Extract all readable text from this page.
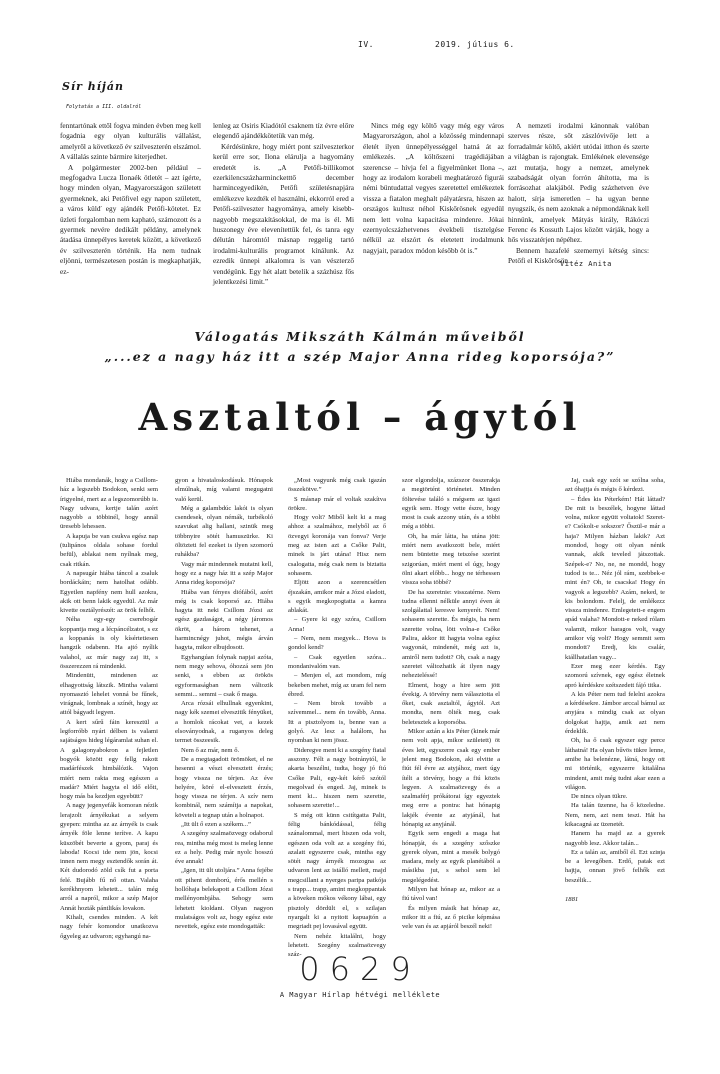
IV.	2019. július 6.
Sír híján
Folytatás a III. oldalról

fenntartónak ettől fogva minden évben meg kell fogadnia egy olyan kulturális vállalást, amelyről a következő év szilveszterén elszámol. A vállalás szinte bármire kiterjedhet.

A polgármester 2002-ben például – megfogadva Lucza Ilonaék ötletét – azt ígérte, hogy minden olyan, Magyarországon született gyermeknek, aki Petőfivel egy napon született, a város külď egy ajándék Petőfi-kötetet. Ez üzleti forgalomban nem kapható, számozott és a gyermek nevére dedikált példány, amelynek átadása ünnepélyes keretek között, a következő év szilveszterén történik. Ha nem tudnak eljönni, természetesen postán is megkaphatják, ez-

lenleg az Osiris Kiadótól csaknem tíz évre előre elegendő ajándékkötetük van még.

Kérdésünkre, hogy miért pont szilveszterkor kerül erre sor, Ilona elárulja a hagyomány eredetét is. „A Petőfi-billikomot ezerkilencszázharmincketttő december harmincegyedikén, Petőfi születésnapjára emlékezve kezdték el használni, ekkorról ered a Petőfi-szilveszter hagyománya, amely kisebb-nagyobb megszakításokkal, de ma is él. Mi huszonegy éve elevenítettük fel, és tanra egy délután háromtól másnap reggelig tartó irodalmi-kulturális programot kínálunk. Az ezredik ünnepi alkalomra is van vészterző vendégünk. Egy hét alatt betelik a százhúsz fős jelentkezési limit.”

Nincs még egy költő vagy még egy város Magyarországon, ahol a közösség mindennapi életét ilyen ünnepélyességgel hatná át az emlékezés. „A költőszeni tragédiájában szerencse – hívja fel a figyelmünket Ilona –, hogy az irodalom korabeli meghatározó figurái némi büntudattal vegyes szeretettel emlékeztek vissza a fiatalon meghalt pályatársra, hiszen az országos kultusz néhol Kiskőrösnek egyedül nem lett volna kapacitása mindenre. Jókai ezernyolcszázhetvenes évekbeli tisztelgése nélkül az elszórt és eletetett irodalmunk nagyjait, paradox módon később öt is.”

A nemzeti irodalmi kánonnak valóban szerves része, sőt zászlóvivője lett a forradalmár költő, akiért utódai itthon és szerte a világban is rajongtak. Emlékének elevensége azt mutatja, hogy a nemzet, amelynek szabadságát olyan forrón áhította, ma is forrásozhat alakjából. Pedig százhetven éve halott, sírja ismeretlen – ha ugyan benne nyugszik, és nem azoknak a népmondáknak kell hinnünk, amelyek Mátyás király, Rákóczi Ferenc és Kossuth Lajos között várják, hogy a hős visszatérjen népéhez.

Bennem hazafelé szemernyi kétség sincs: Petőfi el Kiskőrösön.

Vitéz Anita
Válogatás Mikszáth Kálmán műveiből
„...ez a nagy ház itt a szép Major Anna rideg koporsója?”
Asztaltól – ágytól

Hiába mondanák, hogy a Csillom-ház a legszebb Bodokon, senki sem írigyelné, mert az a legszomorúbb is. Nagy udvara, kertje talán azért nagyobb a többinél, hogy annál üresebb lehessen.

A kapuja be van csukva egész nap (tulipános oldala sohase fordul befül), ablakai nem nyílnak meg, csak ritkán.

A napsugár hiába táncol a zsaluk bordáckáin; nem hatolhat odább. Egyetlen napfény nem hull azokra, akik ott benn lakik egyedül. Az már kivette osztályrészét: az örök felhőt.

Néha egy-egy cserebogár koppantja meg a lécpáncélzatot, s ez a koppanás is oly kísértetiesen hangzik odabenn. Ha ajtó nyílik valahol, az már nagy zaj itt, s összerezzen rá mindenki.

Mindenütt, mindenen az elhagyottság látszik. Minthа valami nyomasztó lehelet vonná be fűnek, virágnak, lombnak a színét, hogy az attól bágyadt legyen.

A kert sűrű fáin keresztül a legforróbb nyári délben is valami sajátságos hideg légáramlat suhan el. A galagonyabokron a fejletlen bogyók között egy fellg rakott madárfészek himbálózik. Vajon miért nem rakta meg egészen a madár? Miért hagyta el idő előtt, hogy más ba kezdjen egyebütt?

A nagy jegenyefák komoran nézik lerajzolt árnyékukat a selyem gyepen: mintha az az árnyék is csak árnyék föle lenne terítve. A kapu küszöbét beverte a gyom, paraj és laboda! Kocsi ide nem jön, kocsi innen nem megy esztendők során át. Két dudorodó zöld csík fut a porta felé. Bujább fű nő ottan. Valaha kerékhnyom lehetett... talán még arról a napról, mikor a szép Major Annát hozták pántlikás lovakon.

Kihalt, csendes minden. A két nagy fehér komondor unatkozva őgyeleg az udvaron; egyhangú na-

gyon a hivataloskodásuk. Hónapok elmúlnak, míg valami megugatni való kerül.

Még a galambdúc lakói is olyan csendesek, olyan némák, turbékoló szavukat alig hallani, szinük meg többnyire sötét hamuszürke. Ki öltözteti fel ezeket is ilyen szomorú ruhákba?

Vagy már mindennek mutatni kell, hogy ez a nagy ház itt a szép Major Anna rideg koporsója?

Hiába van fényes diófából, azért még is csak koporsó az. Hiába hagyta itt neki Csillom Józsi az egész gazdaságot, a négy járomos ökröt, a három tehenet, a harmincnégy juhot, mégis árván hagyta, mikor elbujdosott.

Egyhangúan folynak napjai azóta, nem megy sehova, óhozzá sem jön senki, s ebben az örökös egyformaságban nem változik semmi... semmi – csak ő maga.

Arca rózsái elhullnak egyenkint, nagy kék szemei elveszitik fényüket, a homlok rácokat vet, a kezek elsoványodnak, a ruganyos deleg termet összeesik.

Nem ő az már, nem ő.

De a megtagadott örömöket, el ne hesenni a vészt elvesztett érzés; hogy vissza ne térjen. Az éve helyére, köré el-elvesztett érzés, hogy vissza ne térjen. A szív nem kombinál, nem számítja a napokat, követeli a tegnap után a holnapot.

„Itt ült ő ezen a székem...”

A szegény szalmaözvegy odaborul rea, mintha még most is meleg lenne ez a hely. Pedig már nyolc hosszú éve annak!

„Igen, itt ült utoljára.” Anna fejébe ott pihent domború, érős mellén s hollóhaja belekapott a Csillom Józsi mellényombjába. Sehogy sem lehetett kioldani. Olyan nagyon mulatságos volt az, hogy egész este nevettek, egész este mondogatták:

„Most vagyunk még csak igazán összekötve.”

S másnap már el voltak szakítva örökre.

Hogy volt? Miből kelt ki a mag ahhoz a szalmához, melyből az ő özvegyi koronája van fonva? Verje meg az isten azt a Csőke Palit, minek is járt utána! Hisz nem csalogatta, még csak nem is biztatta sohasem.

Eljött azon a szerencsétlen éjszakán, amikor már a Józsi eladott, s egyik megkopogtatta a kamra ablakát.

– Gyere ki egy szóra, Csillom Anna!

– Nem, nem megyek... Hova is gondol kend?

– Csak egyetlen szóra... mondanivalóm van.

– Menjen el, azt mondom, míg bekeben mehet, míg az uram fel nem ébred.

– Nem birok tovább a szívemmel... nem én tovább, Anna. Itt a pisztolyom is, benne van a golyó. Az lesz a halálom, ha nyomban ki nem jössz.

Dideregve ment ki a szegény fiatal asszony. Félt a nagy botránytól, le akarta beszélni, tudta, hogy jó fiú Csőke Pali, egy-két kérő szótól megolvad és enged. Jaj, minek is ment ki... hiszen nem szerette, sohasem szerette!...

S még ott künn csitítgatta Palit, félig bánkódással, félig szánalommal, mert hiszen oda volt, egészen oda volt az a szegény fiú, azalatt egyszerre csak, mintha egy sötét nagy árnyék mozogna az udvaron lent az istálló mellett, majd megcsillant a nyerges paripa patkója s trapp... trapp, amint megkoppantak a köveken mókos vékony lábai, egy pisztoly dördült el, s szilajan nyargalt ki a nyitott kapuajtón a megriadt pej lovasával együtt.

Nem nehéz kitalálni, hogy lehetett. Szegény szalmaözvegy száz-

szor elgondolja, százszor összerakja a megtörtént történetet. Minden föltevése találó s mégsem az igazi egyik sem. Hogy vette észre, hogy most is csak azzony után, és a többi még a többi.

Oh, ha már látta, ha utána jött: miért nem avatkozott bele, miért nem büntette meg tetszése szerint szigorúan, miért ment el úgy, hogy ölni akart előbb... hogy ne térhessen vissza soha többé?

De ha szeretnie: visszatérne. Nem tudna ellenni nélküle annyi éven át szolgálattal keresve kenyerét. Nem! sohasem szerette. És mégis, ha nem szerette volna, lött volna-e Csőke Palira, akkor itt hagyta volna egész vagyonát, mindenét, még azt is, amiről nem tudott? Oh, csak a nagy szeretet változhatik át ilyen nagy nehezteléssé!

Elment, hogy a hire sem jött évekig. A törvény nem választotta el őket, csak asztaltól, ágytól. Azt mondta, nem ölték meg, csak beletesztek a koporsóba.

Mikor aztán a kis Péter (kinek már nem volt apja, mikor született) öt éves lett, egyszerre csak egy ember jelent meg Bodokon, aki elvitte a fiút fél évre az atyjához, mert úgy ítélt a törvény, hogy a fiú közös legyen. A szalmaözvegy és a szalmaférj prókátorai így egyeztek meg erre a pontra: hat hónapig lakjék évente az atyjánál, hat hónapig az anyjánál.

Egyik sem engedi a maga hat hónapját, és a szegény szőszke gyerek olyan, mint a mesék bolygó madara, mely az egyik planétából a másikba jut, s sehol sem lel megelégedést.

Milyen hat hónap az, mikor az a fiú távol van!

És milyen másik hat hónap az, mikor itt a fiú, az ő picike képmása vele van és az apjáról beszél neki!

Jaj, csak egy szót se szólna soha, azt óhajtja és mégis ő kérdezi.

– Édes kis Péterkém! Hát láttad? De mit is beszélek, hogyne láttad volna, mikor együtt voltatok! Szeret-e? Csókolt-e sokszor? Őszül-e már a haja? Milyen házban lakik? Azt mondod, hogy ott olyan nénik vannak, akik teveled játszottak. Szépek-e? No, ne, ne mondd, hogy tudod is te... Néz jól rám, szebbek-e mint én? Oh, te csacska! Hogy én vagyok a legszebb? Azám, neked, te kis bolondom. Felelj, de emlékezz vissza mindenre. Emlegetett-e engem apád valaha? Mondott-e neked rólam valamit, mikor haragos volt, vagy amikor víg volt? Hogy semmit sem mondott? Eredj, kis csalár, kiállhatatlan vagy...

Ezer meg ezer kérdés. Egy szomorú szívnek, egy egész életnek apró kérdéskre szétszedett fájó titka.

A kis Péter nem tud felelni azokra a kérdésekre. Jámbor arccal bámul az anyjára s mindig csak az olyan dolgokat hajtja, amik azt nem érdeklik.

Oh, ha ő csak egyszer egy perce láthatná! Ha olyan bűvös tükre lenne, amibe ha belenézne, látná, hogy ott mi történik, egyszerre kitalálna mindent, amit még tudni akar ezen a világon.

De nincs olyan tükre.

Ha talán üzenne, ha ő közeledne. Nem, nem, azt nem teszi. Hát ha kikacagná az üzenetét.

Hanem ha majd az a gyerek nagyobb lesz. Akkor talán...

Ez a talán az, amiből él. Ezt sziвja be a levegőben. Erdő, patak ezt hajtja, onnan jövő felhők ezt beszélik...

1881

0629
A Magyar Hírlap hétvégi melléklete
